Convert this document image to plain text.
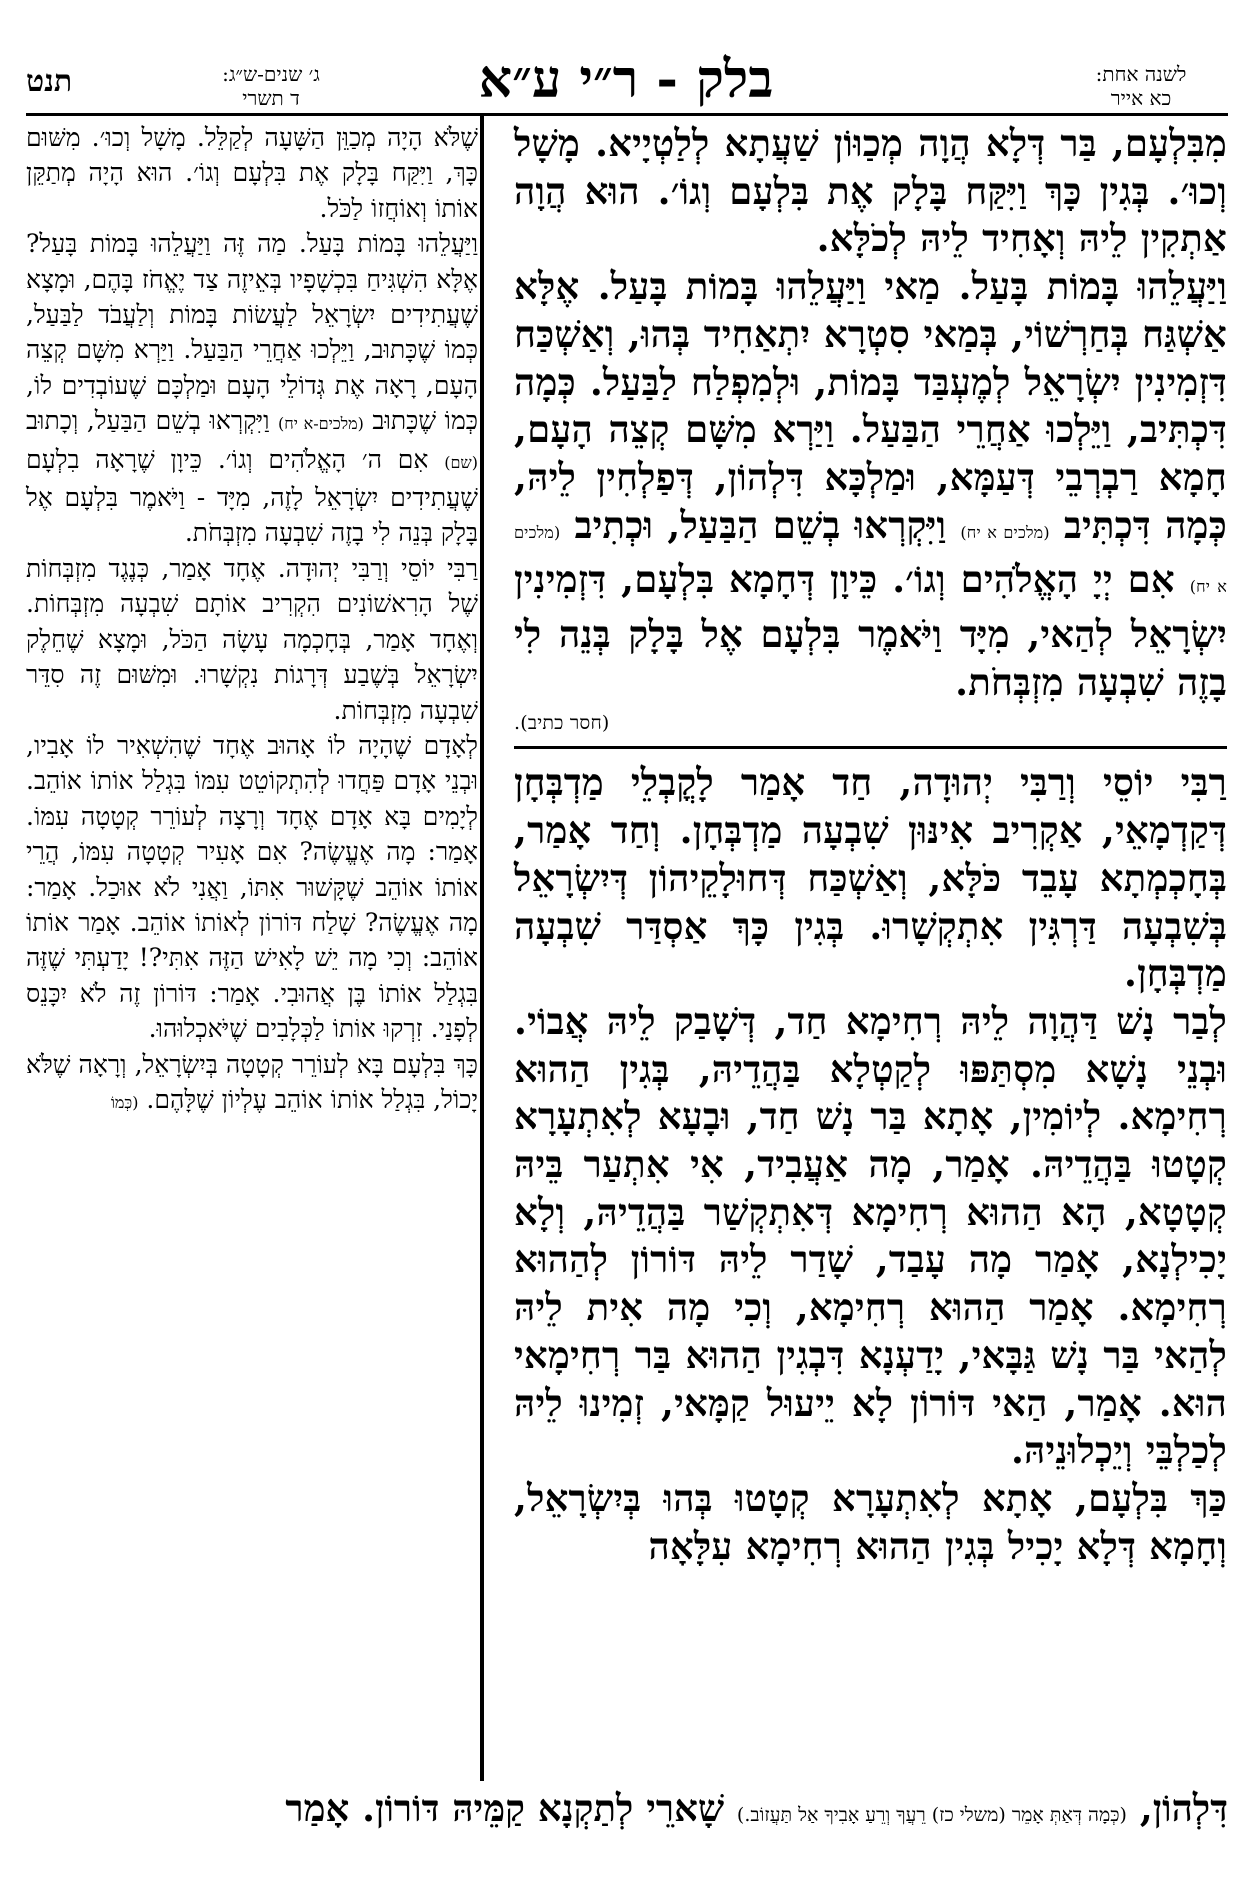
תנט	ג׳ שנים-ש״ג:
ד תשרי	בלק - ר״י ע״א	לשנה אחת:
כא אייר

מִבִּלְעָם, בַּר דְּלָא הֲוָה מְכַוּוֹן שַׁעֲתָא לְלַטְיָיא. מָשָׁל וְכוּ׳. בְּגִין כָּךְ וַיִּקַּח בָּלָק אֶת בִּלְעָם וְגוֹ׳. הוּא הֲוָה אַתְקִין לֵיהּ וְאָחִיד לֵיהּ לְכֹלָּא.

וַיַּעֲלֵהוּ בָּמוֹת בָּעַל. מַאי וַיַּעֲלֵהוּ בָּמוֹת בָּעַל. אֶלָּא אַשְׁגַּח בְּחַרְשׁוֹי, בְּמַאי סִטְרָא יִתְאַחִיד בְּהוּ, וְאַשְׁכַּח דִּזְמִינִין יִשְׂרָאֵל לְמֶעְבַּד בָּמוֹת, וּלְמִפְלַח לַבַּעַל. כְּמָה דִּכְתִּיב, וַיֵּלְכוּ אַחֲרֵי הַבַּעַל. וַיַּרְא מִשָּׁם קְצֵה הָעָם, חָמָא רַבְרְבֵי דְּעַמָּא, וּמַלְכָּא דִּלְהוֹן, דְּפַלְחִין לֵיהּ, כְּמָה דִּכְתִּיב (מלכים א יח) וַיִּקְרְאוּ בְשֵׁם הַבַּעַל, וּכְתִיב (מלכים א יח) אִם יְיָ הָאֱלֹהִים וְגוֹ׳. כֵּיוָן דְּחָמָא בִּלְעָם, דִּזְמִינִין יִשְׂרָאֵל לְהַאי, מִיָּד וַיֹּאמֶר בִּלְעָם אֶל בָּלָק בְּנֵה לִי בָזֶה שִׁבְעָה מִזְבְּחֹת.

(חסר כתיב).

רַבִּי יוֹסֵי וְרַבִּי יְהוּדָה, חַד אָמַר לָקֳבְלֵי מַדְבְּחָן דְּקַדְמָאֵי, אַקְרִיב אִינּוּן שִׁבְעָה מַדְבְּחָן. וְחַד אָמַר, בְּחָכְמְתָא עָבֵד כֹּלָּא, וְאַשְׁכַּח דְּחוּלָקֵיהוֹן דְּיִשְׂרָאֵל בְּשִׁבְעָה דַּרְגִּין אִתְקְשָׁרוּ. בְּגִין כָּךְ אַסְדַּר שִׁבְעָה מַדְבְּחָן.

לְבַר נָשׁ דַּהֲוָה לֵיהּ רְחִימָא חַד, דְּשָׁבַק לֵיהּ אֲבוֹי. וּבְנֵי נָשָׁא מִסְתַּפּוּ לְקַטְלָא בַּהֲדֵיהּ, בְּגִין הַהוּא רְחִימָא. לְיוֹמִין, אָתָא בַּר נָשׁ חַד, וּבָעָא לְאִתְעָרָא קְטָטוּ בַּהֲדֵיהּ. אָמַר, מָה אַעֲבִיד, אִי אִתְעַר בֵּיהּ קְטָטָא, הָא הַהוּא רְחִימָא דְּאִתְקְשַׁר בַּהֲדֵיהּ, וְלָא יָכִילְנָא, אָמַר מָה עָבַד, שָׁדַר לֵיהּ דּוֹרוֹן לְהַהוּא רְחִימָא. אָמַר הַהוּא רְחִימָא, וְכִי מָה אִית לֵיהּ לְהַאי בַּר נָשׁ גַּבָּאי, יָדַעְנָא דִּבְגִין הַהוּא בַּר רְחִימָאי הוּא. אָמַר, הַאי דּוֹרוֹן לָא יֵיעוּל קַמָּאי, זְמִינוּ לֵיהּ לְכַלְבֵּי וְיֵכְלוּנֵיהּ.

כַּךְ בִּלְעָם, אָתָא לְאִתְעָרָא קְטָטוּ בְּהוּ בְּיִשְׂרָאֵל, וְחָמָא דְּלָא יָכִיל בְּגִין הַהוּא רְחִימָא עִלָּאָה

שֶׁלֹּא הָיָה מְכַוֵּן הַשָּׁעָה לְקַלֵּל. מָשָׁל וְכוּ׳. מִשּׁוּם כָּךְ, וַיִּקַּח בָּלָק אֶת בִּלְעָם וְגוֹ׳. הוּא הָיָה מְתַקֵּן אוֹתוֹ וְאוֹחֲזוֹ לַכֹּל.

וַיַּעֲלֵהוּ בָּמוֹת בָּעַל. מַה זֶּה וַיַּעֲלֵהוּ בָּמוֹת בָּעַל? אֶלָּא הִשְׁגִּיחַ בִּכְשָׁפָיו בְּאֵיזֶה צַד יֶאֱחֹז בָּהֶם, וּמָצָא שֶׁעֲתִידִים יִשְׂרָאֵל לַעֲשׂוֹת בָּמוֹת וְלַעֲבֹד לַבַּעַל, כְּמוֹ שֶׁכָּתוּב, וַיֵּלְכוּ אַחֲרֵי הַבַּעַל. וַיַּרְא מִשָּׁם קְצֵה הָעָם, רָאָה אֶת גְּדוֹלֵי הָעָם וּמַלְכָּם שֶׁעוֹבְדִים לוֹ, כְּמוֹ שֶׁכָּתוּב (מלכים-א יח) וַיִּקְרְאוּ בְשֵׁם הַבַּעַל, וְכָתוּב (שם) אִם ה׳ הָאֱלֹהִים וְגוֹ׳. כֵּיוָן שֶׁרָאָה בִלְעָם שֶׁעֲתִידִים יִשְׂרָאֵל לָזֶה, מִיָּד - וַיֹּאמֶר בִּלְעָם אֶל בָּלָק בְּנֵה לִי בָזֶה שִׁבְעָה מִזְבְּחֹת.

רַבִּי יוֹסֵי וְרַבִּי יְהוּדָה. אֶחָד אָמַר, כְּנֶגֶד מִזְבְּחוֹת שֶׁל הָרִאשׁוֹנִים הִקְרִיב אוֹתָם שִׁבְעָה מִזְבְּחוֹת. וְאֶחָד אָמַר, בְּחָכְמָה עָשָׂה הַכֹּל, וּמָצָא שֶׁחֵלֶק יִשְׂרָאֵל בְּשֶׁבַע דְּרָגוֹת נִקְשָׁרוּ. וּמִשּׁוּם זֶה סִדֵּר שִׁבְעָה מִזְבְּחוֹת.

לְאָדָם שֶׁהָיָה לוֹ אָהוּב אֶחָד שֶׁהִשְׁאִיר לוֹ אָבִיו, וּבְנֵי אָדָם פַּחֲדוּ לְהִתְקוֹטֵט עִמּוֹ בִּגְלַל אוֹתוֹ אוֹהֵב. לְיָמִים בָּא אָדָם אֶחָד וְרָצָה לְעוֹרֵר קְטָטָה עִמּוֹ. אָמַר: מָה אֶעֱשֶׂה? אִם אָעִיר קְטָטָה עִמּוֹ, הֲרֵי אוֹתוֹ אוֹהֵב שֶׁקָּשׁוּר אִתּוֹ, וַאֲנִי לֹא אוּכַל. אָמַר: מָה אֶעֱשֶׂה? שָׁלַח דּוֹרוֹן לְאוֹתוֹ אוֹהֵב. אָמַר אוֹתוֹ אוֹהֵב: וְכִי מָה יֵשׁ לָאִישׁ הַזֶּה אִתִּי?! יָדַעְתִּי שֶׁזֶּה בִּגְלַל אוֹתוֹ בֶּן אֲהוּבִי. אָמַר: דּוֹרוֹן זֶה לֹא יִכָּנֵס לְפָנַי. זִרְקוּ אוֹתוֹ לַכְּלָבִים שֶׁיֹּאכְלוּהוּ.

כָּךְ בִּלְעָם בָּא לְעוֹרֵר קְטָטָה בְּיִשְׂרָאֵל, וְרָאָה שֶׁלֹּא יָכוֹל, בִּגְלַל אוֹתוֹ אוֹהֵב עֶלְיוֹן שֶׁלָּהֶם. (כְּמוֹ

דִּלְהוֹן, (כְּמָה דְּאַתְּ אָמֵר (משלי כז) רֵעֲךָ וְרֵעַ אָבִיךָ אַל תַּעֲזוֹב.) שָׁארֵי לְתַקְנָא קַמֵּיהּ דּוֹרוֹן. אָמַר
